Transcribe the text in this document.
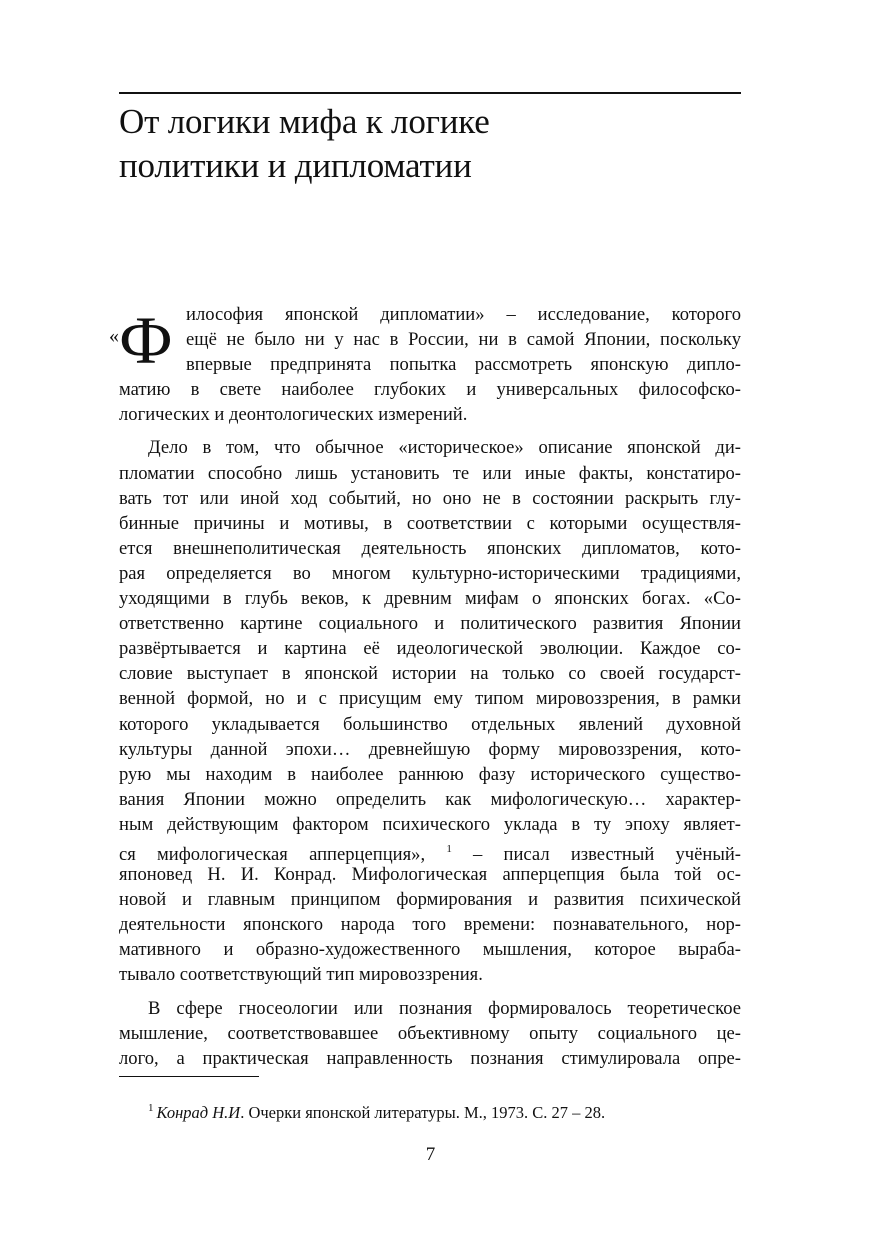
От логики мифа к логике
политики и дипломатии
« Ф илософия японской дипломатии» – исследование, которого
ещё не было ни у нас в России, ни в самой Японии, поскольку
впервые предпринята попытка рассмотреть японскую дипло-
матию в свете наиболее глубоких и универсальных философско-
логических и деонтологических измерений.
Дело в том, что обычное «историческое» описание японской ди-
пломатии способно лишь установить те или иные факты, констатиро-
вать тот или иной ход событий, но оно не в состоянии раскрыть глу-
бинные причины и мотивы, в соответствии с которыми осуществля-
ется внешнеполитическая деятельность японских дипломатов, кото-
рая определяется во многом культурно-историческими традициями,
уходящими в глубь веков, к древним мифам о японских богах. «Со-
ответственно картине социального и политического развития Японии
развёртывается и картина её идеологической эволюции. Каждое со-
словие выступает в японской истории на только со своей государст-
венной формой, но и с присущим ему типом мировоззрения, в рамки
которого укладывается большинство отдельных явлений духовной
культуры данной эпохи… древнейшую форму мировоззрения, кото-
рую мы находим в наиболее раннюю фазу исторического существо-
вания Японии можно определить как мифологическую… характер-
ным действующим фактором психического уклада в ту эпоху являет-
ся мифологическая апперцепция», $^1$ – писал известный учёный-
японовед Н. И. Конрад. Мифологическая апперцепция была той ос-
новой и главным принципом формирования и развития психической
деятельности японского народа того времени: познавательного, нор-
мативного и образно-художественного мышления, которое выраба-
тывало соответствующий тип мировоззрения.
В сфере гносеологии или познания формировалось теоретическое
мышление, соответствовавшее объективному опыту социального це-
лого, а практическая направленность познания стимулировала опре-
$^1$ Конрад Н.И. Очерки японской литературы. М., 1973. С. 27 – 28.
7
